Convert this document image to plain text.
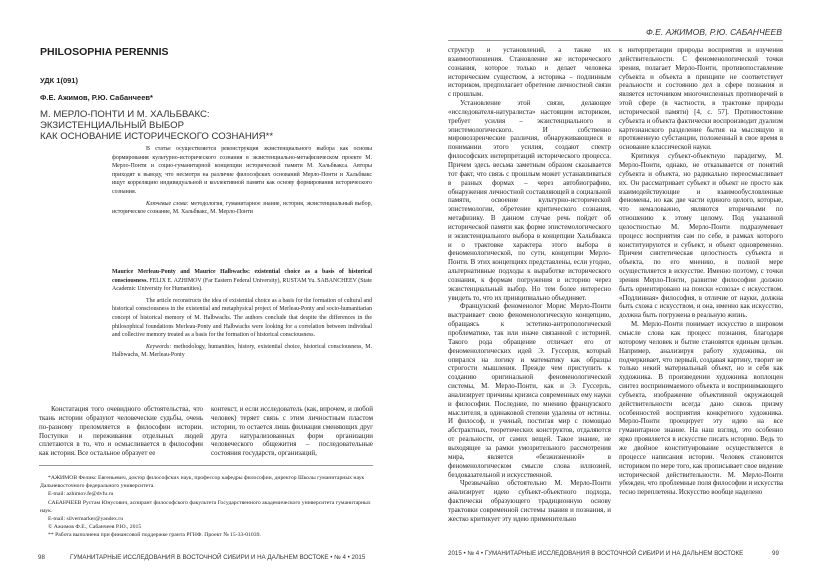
PHILOSOPHIA PERENNIS
УДК 1(091)
Ф.Е. Ажимов, Р.Ю. Сабанчеев*
М. МЕРЛО-ПОНТИ И М. ХАЛЬБВАКС:
ЭКЗИСТЕНЦИАЛЬНЫЙ ВЫБОР
КАК ОСНОВАНИЕ ИСТОРИЧЕСКОГО СОЗНАНИЯ**

В статье осуществляется реконструкция экзистенциального выбора как основы формирования культурно-исторического сознания в экзистенциально-метафизическом проекте М. Мерло-Понти и социо-гуманитарной концепции исторической памяти М. Хальбвакса. Авторы приходят к выводу, что несмотря на различие философских оснований Мерло-Понти и Хальбвакс ищут корреляцию индивидуальной и коллективной памяти как основу формирования исторического сознания.

Ключевые слова: методология, гуманитарное знание, история, экзистенциальный выбор, историческое сознание, М. Хальбвакс, М. Мерло-Понти

Maurice Merleau-Ponty and Maurice Halbwachs: existential choice as a basis of historical consciousness. FELIX E. AZHIMOV (Far Eastern Federal University), RUSTAM Yu. SABANCHEEV (State Academic University for Humanities).

The article reconstructs the idea of existential choice as a basis for the formation of cultural and historical consciousness in the existential and metaphysical project of Merleau-Ponty and socio-humanitarian concept of historical memory of M. Halbwachs. The authors conclude that despite the differences in the philosophical foundations Merleau-Ponty and Halbwachs were looking for a correlation between individual and collective memory treated as a basis for the formation of historical consciousness.

Keywords: methodology, humanities, history, existential choice, historical consciousness, M. Halbwachs, M. Merleau-Ponty

Констатация того очевидного обстоятельства, что ткань истории образуют человеческие судьбы, очень по-разному преломляется в философии истории. Поступки и переживания отдельных людей сплетаются в то, что и осмысливается в философии как история. Все остальное образует ее

контекст, и если исследователь (как, впрочем, и любой человек) теряет связь с этим личностным пластом истории, то остается лишь филиация сменяющих друг друга натурализованных форм организации человеческого общежития – последовательные состояния государств, организаций,

*АЖИМОВ Феликс Евгеньевич, доктор философских наук, профессор кафедры философии, директор Школы гуманитарных наук Дальневосточного федерального университета.

E-mail: azhimov.fe@dvfu.ru

САБАНЧЕЕВ Рустам Юнусович, аспирант философского факультета Государственного академического университета гуманитарных наук.

E-mail: silvermarker@yandex.ru

© Ажимов Ф.Е., Сабанчеев Р.Ю., 2015

** Работа выполнена при финансовой поддержке гранта РГНФ. Проект № 15-33-01039.

98	ГУМАНИТАРНЫЕ ИССЛЕДОВАНИЯ В ВОСТОЧНОЙ СИБИРИ И НА ДАЛЬНЕМ ВОСТОКЕ • № 4 • 2015
Ф.Е. АЖИМОВ, Р.Ю. САБАНЧЕЕВ

структур и установлений, а также их взаимоотношения. Становление же исторического сознания, которое только и делает человека историческим существом, а историка – подлинным историком, предполагает обретение личностной связи с прошлым.

Установление этой связи, делающее «исследователя-натуралиста» настоящим историком, требует усилия – экзистенциального и эпистемологического. И собственно мировоззренческие различия, обнаруживающиеся в понимании этого усилия, создают спектр философских интерпретаций исторического процесса. Причем здесь весьма заметным образом сказывается тот факт, что связь с прошлым может устанавливаться в разных формах – через автобиографию, обнаружения личностной составляющей в социальной памяти, освоение культурно-исторической эпистемологии, обретение критического сознания, метафизику. В данном случае речь пойдет об исторической памяти как форме эпистемологического и экзистенциального выбора в концепции Хальбвакса и о трактовке характера этого выбора в феноменологической, по сути, концепции Мерло-Понти. В этих концепциях представлены, если угодно, альтернативные подходы к выработке исторического сознания, к формам погружения в историю через экзистенциальный выбор. Но тем более интересно увидеть то, что их принципиально объединяет.

Французский феноменолог Морис Мерло-Понти выстраивает свою феноменологическую концепцию, обращаясь к эстетико-антропологической проблематике, так или иначе связанной с историей. Такого рода обращение отличает его от феноменологических идей Э. Гуссерля, который опирался на логику и математику как образцы строгости мышления. Прежде чем приступить к созданию оригинальной феноменологической системы, М. Мерло-Понти, как и Э. Гуссерль, анализирует причины кризиса современных ему науки и философии. Последние, по мнению французского мыслителя, в одинаковой степени удалены от истины. И философ, и ученый, постигая мир с помощью абстрактных, теоретических конструктов, отдаляются от реальности, от самих вещей. Такое знание, не выходящее за рамки умозрительного рассмотрения мира, является «безжизненной» в феноменологическом смысле слова иллюзией, бездоказательной и искусственной.

Чрезвычайно обстоятельно М. Мерло-Понти анализирует идею субъект-объектного подхода, фактически образующего традиционную основу трактовки современной системы знания и познания, и жестко критикует эту идею применительно

к интерпретации природы восприятия и изучения действительности. С феноменологической точки зрения, полагает Мерло-Понти, противопоставление субъекта и объекта в принципе не соответствует реальности и состоянию дел в сфере познания и является источником многочисленных противоречий в этой сфере (в частности, в трактовке природы исторической памяти) [4, с. 57]. Противостояние субъекта и объекта фактически воспроизводит дуализм картезианского разделение бытия на мыслящую и протяженную субстанции, положенный в свое время в основание классической науки.

Критикуя субъект-объектную парадигму, М. Мерло-Понти, однако, не отказывается от понятий субъекта и объекта, но радикально переосмысливает их. Он рассматривает субъект и объект не просто как взаимодействующие и взаимообусловленные феномены, но как две части единого целого, которые, что немаловажно, являются вторичными по отношению к этому целому. Под указанной целостностью М. Мерло-Понти подразумевает процесс восприятия сам по себе, в рамках которого конституируются и субъект, и объект одновременно. Причем синтетическая целостность субъекта и объекта, по его мнению, в полной мере осуществляется в искусстве. Именно поэтому, с точки зрения Мерло-Понти, развитие философии должно быть ориентировано на поиски «союза» с искусством. «Подлинная» философия, в отличие от науки, должна быть схожа с искусством, и она, именно как искусство, должна быть погружена в реальную жизнь.

М. Мерло-Понти понимает искусство в широком смысле слова как процесс познания, благодаря которому человек и бытие становятся единым целым. Например, анализируя работу художника, он подчеркивает, что первый, создавая картину, творит не только некий материальный объект, но и себя как художника. В произведении художника воплощен синтез воспринимаемого объекта и воспринимающего субъекта, изображение объективной окружающей действительности всегда дано сквозь призму особенностей восприятия конкретного художника. Мерло-Понти проецирует эту идею на все гуманитарное знание. На наш взгляд, это особенно ярко проявляется в искусстве писать историю. Ведь то же двойное конституирование осуществляется в процессе написания истории. Человек становится историком по мере того, как прописывает свое видение исторической действительности. М. Мерло-Понти убежден, что проблемные поля философии и искусства тесно переплетены. Искусство вообще наделено

2015 • № 4 • ГУМАНИТАРНЫЕ ИССЛЕДОВАНИЯ В ВОСТОЧНОЙ СИБИРИ И НА ДАЛЬНЕМ ВОСТОКЕ	99
